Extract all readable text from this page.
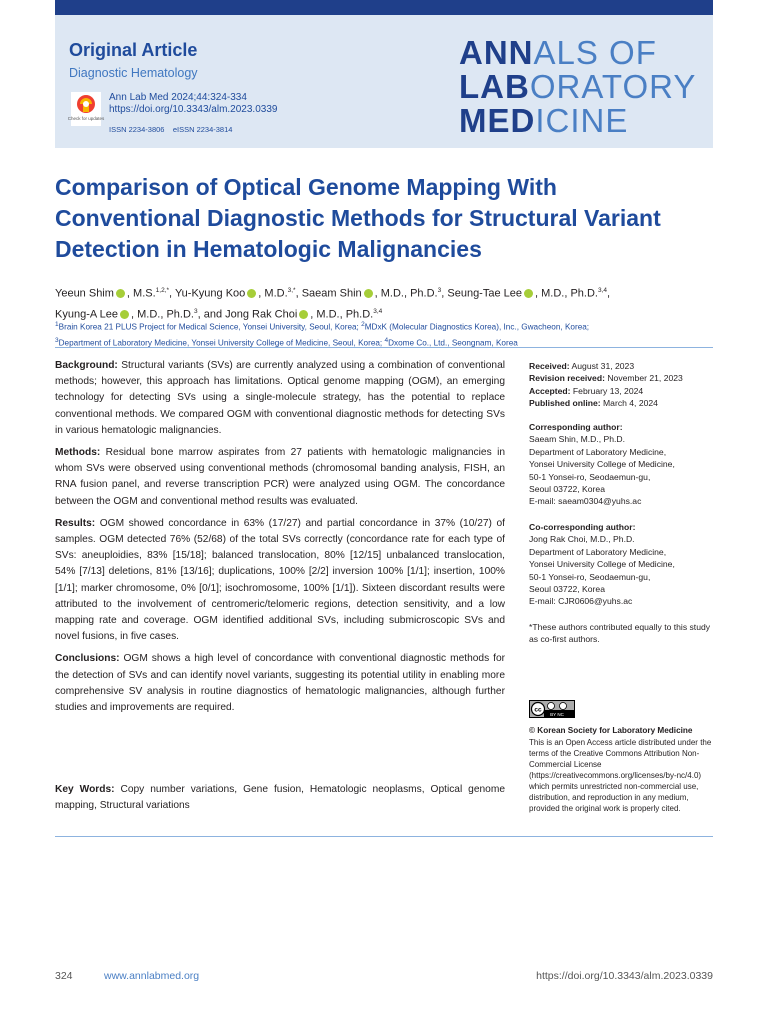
Original Article
Diagnostic Hematology
Check for updates
Ann Lab Med 2024;44:324-334
https://doi.org/10.3343/alm.2023.0339
ISSN 2234-3806 eISSN 2234-3814
ANNALS OF
LABORATORY
MEDICINE
Comparison of Optical Genome Mapping With Conventional Diagnostic Methods for Structural Variant Detection in Hematologic Malignancies
Yeeun Shim , M.S.$^{1,2,*}$, Yu-Kyung Koo , M.D.$^{3,*}$, Saeam Shin , M.D., Ph.D.$^3$, Seung-Tae Lee , M.D., Ph.D.$^{3,4}$,
Kyung-A Lee , M.D., Ph.D.$^3$, and Jong Rak Choi , M.D., Ph.D.$^{3,4}$
$^1$Brain Korea 21 PLUS Project for Medical Science, Yonsei University, Seoul, Korea; $^2$MDxK (Molecular Diagnostics Korea), Inc., Gwacheon, Korea;
$^3$Department of Laboratory Medicine, Yonsei University College of Medicine, Seoul, Korea; $^4$Dxome Co., Ltd., Seongnam, Korea

Background: Structural variants (SVs) are currently analyzed using a combination of conventional methods; however, this approach has limitations. Optical genome mapping (OGM), an emerging technology for detecting SVs using a single-molecule strategy, has the potential to replace conventional methods. We compared OGM with conventional diagnostic methods for detecting SVs in various hematologic malignancies.

Methods: Residual bone marrow aspirates from 27 patients with hematologic malignancies in whom SVs were observed using conventional methods (chromosomal banding analysis, FISH, an RNA fusion panel, and reverse transcription PCR) were analyzed using OGM. The concordance between the OGM and conventional method results was evaluated.

Results: OGM showed concordance in 63% (17/27) and partial concordance in 37% (10/27) of samples. OGM detected 76% (52/68) of the total SVs correctly (concordance rate for each type of SVs: aneuploidies, 83% [15/18]; balanced translocation, 80% [12/15] unbalanced translocation, 54% [7/13] deletions, 81% [13/16]; duplications, 100% [2/2] inversion 100% [1/1]; insertion, 100% [1/1]; marker chromosome, 0% [0/1]; isochromosome, 100% [1/1]). Sixteen discordant results were attributed to the involvement of centromeric/telomeric regions, detection sensitivity, and a low mapping rate and coverage. OGM identified additional SVs, including submicroscopic SVs and novel fusions, in five cases.

Conclusions: OGM shows a high level of concordance with conventional diagnostic methods for the detection of SVs and can identify novel variants, suggesting its potential utility in enabling more comprehensive SV analysis in routine diagnostics of hematologic malignancies, although further studies and improvements are required.

Key Words: Copy number variations, Gene fusion, Hematologic neoplasms, Optical genome mapping, Structural variations

Received: August 31, 2023

Revision received: November 21, 2023

Accepted: February 13, 2024

Published online: March 4, 2024

Corresponding author:

Saeam Shin, M.D., Ph.D.

Department of Laboratory Medicine,

Yonsei University College of Medicine,

50-1 Yonsei-ro, Seodaemun-gu,

Seoul 03722, Korea

E-mail: saeam0304@yuhs.ac

Co-corresponding author:

Jong Rak Choi, M.D., Ph.D.

Department of Laboratory Medicine,

Yonsei University College of Medicine,

50-1 Yonsei-ro, Seodaemun-gu,

Seoul 03722, Korea

E-mail: CJR0606@yuhs.ac

*These authors contributed equally to this study as co-first authors.
cc
BY NC
© Korean Society for Laboratory Medicine
This is an Open Access article distributed under the terms of the Creative Commons Attribution Non-Commercial License (https://creativecommons.org/licenses/by-nc/4.0) which permits unrestricted non-commercial use, distribution, and reproduction in any medium, provided the original work is properly cited.
324	www.annlabmed.org	https://doi.org/10.3343/alm.2023.0339
